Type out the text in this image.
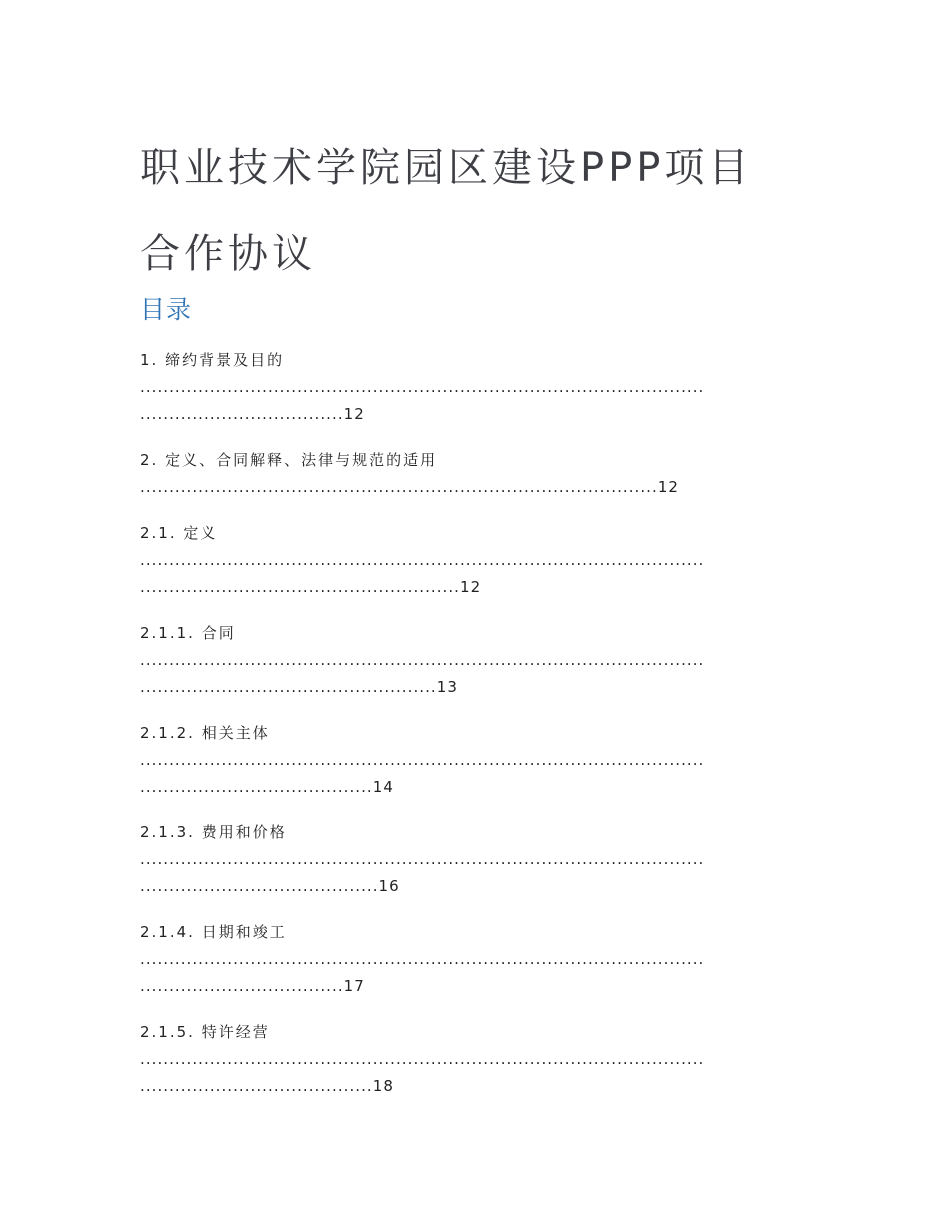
职业技术学院园区建设PPP项目
合作协议
目录
1. 缔约背景及目的
.................................................................................................
...................................12
2. 定义、合同解释、法律与规范的适用
.........................................................................................12
2.1. 定义
.................................................................................................
.......................................................12
2.1.1. 合同
.................................................................................................
...................................................13
2.1.2. 相关主体
.................................................................................................
........................................14
2.1.3. 费用和价格
.................................................................................................
.........................................16
2.1.4. 日期和竣工
.................................................................................................
...................................17
2.1.5. 特许经营
.................................................................................................
........................................18
